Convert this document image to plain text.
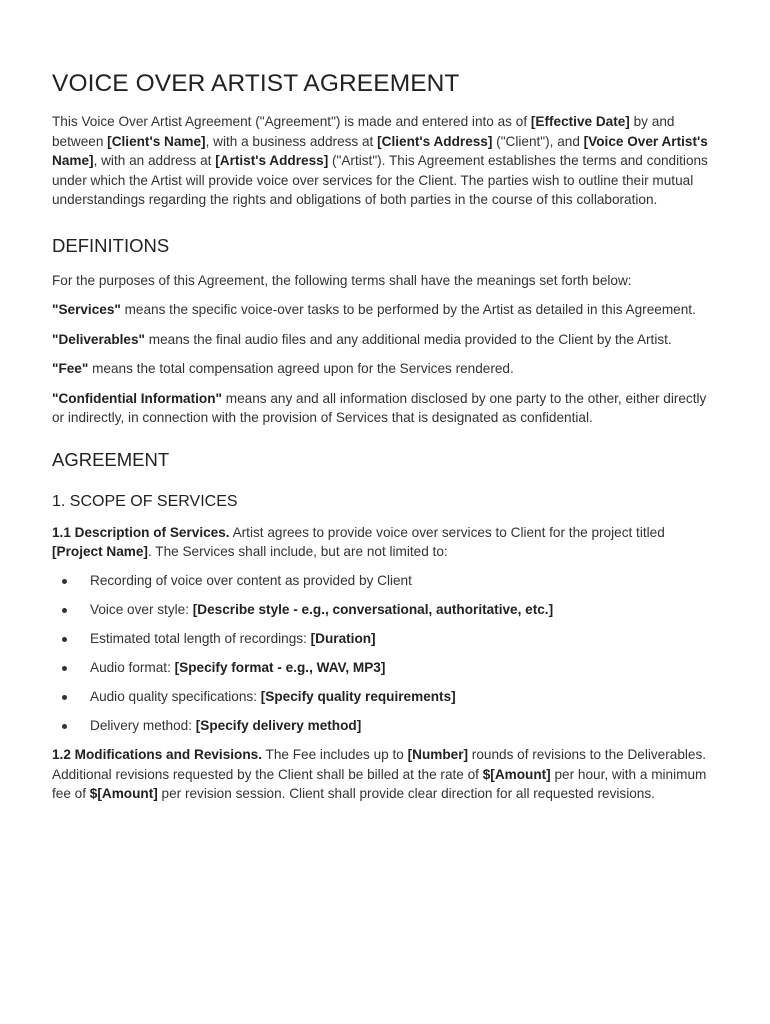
VOICE OVER ARTIST AGREEMENT

This Voice Over Artist Agreement ("Agreement") is made and entered into as of [Effective Date] by and between [Client's Name], with a business address at [Client's Address] ("Client"), and [Voice Over Artist's Name], with an address at [Artist's Address] ("Artist"). This Agreement establishes the terms and conditions under which the Artist will provide voice over services for the Client. The parties wish to outline their mutual understandings regarding the rights and obligations of both parties in the course of this collaboration.

DEFINITIONS

For the purposes of this Agreement, the following terms shall have the meanings set forth below:

"Services" means the specific voice-over tasks to be performed by the Artist as detailed in this Agreement.

"Deliverables" means the final audio files and any additional media provided to the Client by the Artist.

"Fee" means the total compensation agreed upon for the Services rendered.

"Confidential Information" means any and all information disclosed by one party to the other, either directly or indirectly, in connection with the provision of Services that is designated as confidential.

AGREEMENT
1. SCOPE OF SERVICES

1.1 Description of Services. Artist agrees to provide voice over services to Client for the project titled [Project Name]. The Services shall include, but are not limited to:

Recording of voice over content as provided by Client
Voice over style: [Describe style - e.g., conversational, authoritative, etc.]
Estimated total length of recordings: [Duration]
Audio format: [Specify format - e.g., WAV, MP3]
Audio quality specifications: [Specify quality requirements]
Delivery method: [Specify delivery method]

1.2 Modifications and Revisions. The Fee includes up to [Number] rounds of revisions to the Deliverables. Additional revisions requested by the Client shall be billed at the rate of $[Amount] per hour, with a minimum fee of $[Amount] per revision session. Client shall provide clear direction for all requested revisions.
